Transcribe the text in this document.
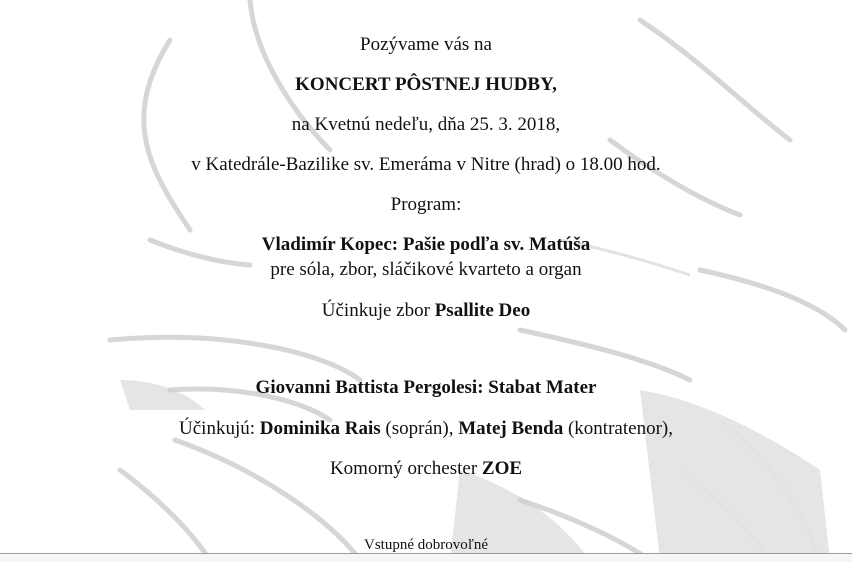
Pozývame vás na
KONCERT PÔSTNEJ HUDBY,
na Kvetnú nedeľu, dňa 25. 3. 2018,
v Katedrále-Bazilike sv. Emeráma v Nitre (hrad) o 18.00 hod.
Program:
Vladimír Kopec: Pašie podľa sv. Matúša
pre sóla, zbor, sláčikové kvarteto a organ
Účinkuje zbor Psallite Deo
Giovanni Battista Pergolesi: Stabat Mater
Účinkujú: Dominika Rais (soprán), Matej Benda (kontratenor),
Komorný orchester ZOE
Vstupné dobrovoľné
